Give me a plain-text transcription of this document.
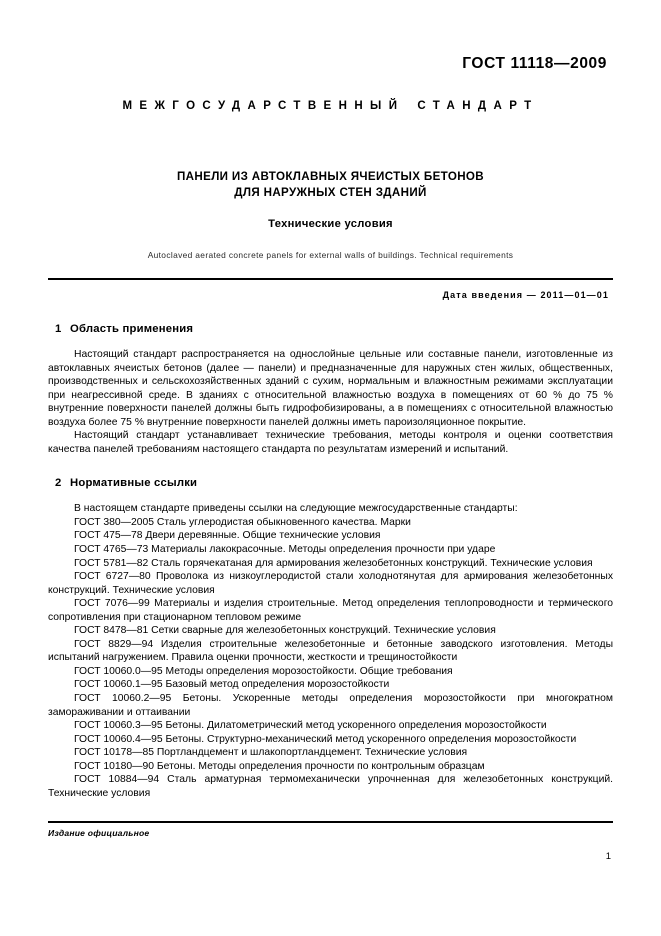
ГОСТ 11118—2009
МЕЖГОСУДАРСТВЕННЫЙ СТАНДАРТ
ПАНЕЛИ ИЗ АВТОКЛАВНЫХ ЯЧЕИСТЫХ БЕТОНОВ
ДЛЯ НАРУЖНЫХ СТЕН ЗДАНИЙ
Технические условия
Autoclaved aerated concrete panels for external walls of buildings. Technical requirements
Дата введения — 2011—01—01
1 Область применения

Настоящий стандарт распространяется на однослойные цельные или составные панели, изготовленные из автоклавных ячеистых бетонов (далее — панели) и предназначенные для наружных стен жилых, общественных, производственных и сельскохозяйственных зданий с сухим, нормальным и влажностным режимами эксплуатации при неагрессивной среде. В зданиях с относительной влажностью воздуха в помещениях от 60 % до 75 % внутренние поверхности панелей должны быть гидрофобизированы, а в помещениях с относительной влажностью воздуха более 75 % внутренние поверхности панелей должны иметь пароизоляционное покрытие.

Настоящий стандарт устанавливает технические требования, методы контроля и оценки соответствия качества панелей требованиям настоящего стандарта по результатам измерений и испытаний.

2 Нормативные ссылки

В настоящем стандарте приведены ссылки на следующие межгосударственные стандарты:

ГОСТ 380—2005 Сталь углеродистая обыкновенного качества. Марки
ГОСТ 475—78 Двери деревянные. Общие технические условия
ГОСТ 4765—73 Материалы лакокрасочные. Методы определения прочности при ударе
ГОСТ 5781—82 Сталь горячекатаная для армирования железобетонных конструкций. Технические условия
ГОСТ 6727—80 Проволока из низкоуглеродистой стали холоднотянутая для армирования железобетонных конструкций. Технические условия
ГОСТ 7076—99 Материалы и изделия строительные. Метод определения теплопроводности и термического сопротивления при стационарном тепловом режиме
ГОСТ 8478—81 Сетки сварные для железобетонных конструкций. Технические условия
ГОСТ 8829—94 Изделия строительные железобетонные и бетонные заводского изготовления. Методы испытаний нагружением. Правила оценки прочности, жесткости и трещиностойкости
ГОСТ 10060.0—95 Методы определения морозостойкости. Общие требования
ГОСТ 10060.1—95 Базовый метод определения морозостойкости
ГОСТ 10060.2—95 Бетоны. Ускоренные методы определения морозостойкости при многократном замораживании и оттаивании
ГОСТ 10060.3—95 Бетоны. Дилатометрический метод ускоренного определения морозостойкости
ГОСТ 10060.4—95 Бетоны. Структурно-механический метод ускоренного определения морозостойкости
ГОСТ 10178—85 Портландцемент и шлакопортландцемент. Технические условия
ГОСТ 10180—90 Бетоны. Методы определения прочности по контрольным образцам
ГОСТ 10884—94 Сталь арматурная термомеханически упрочненная для железобетонных конструкций. Технические условия
Издание официальное
1
